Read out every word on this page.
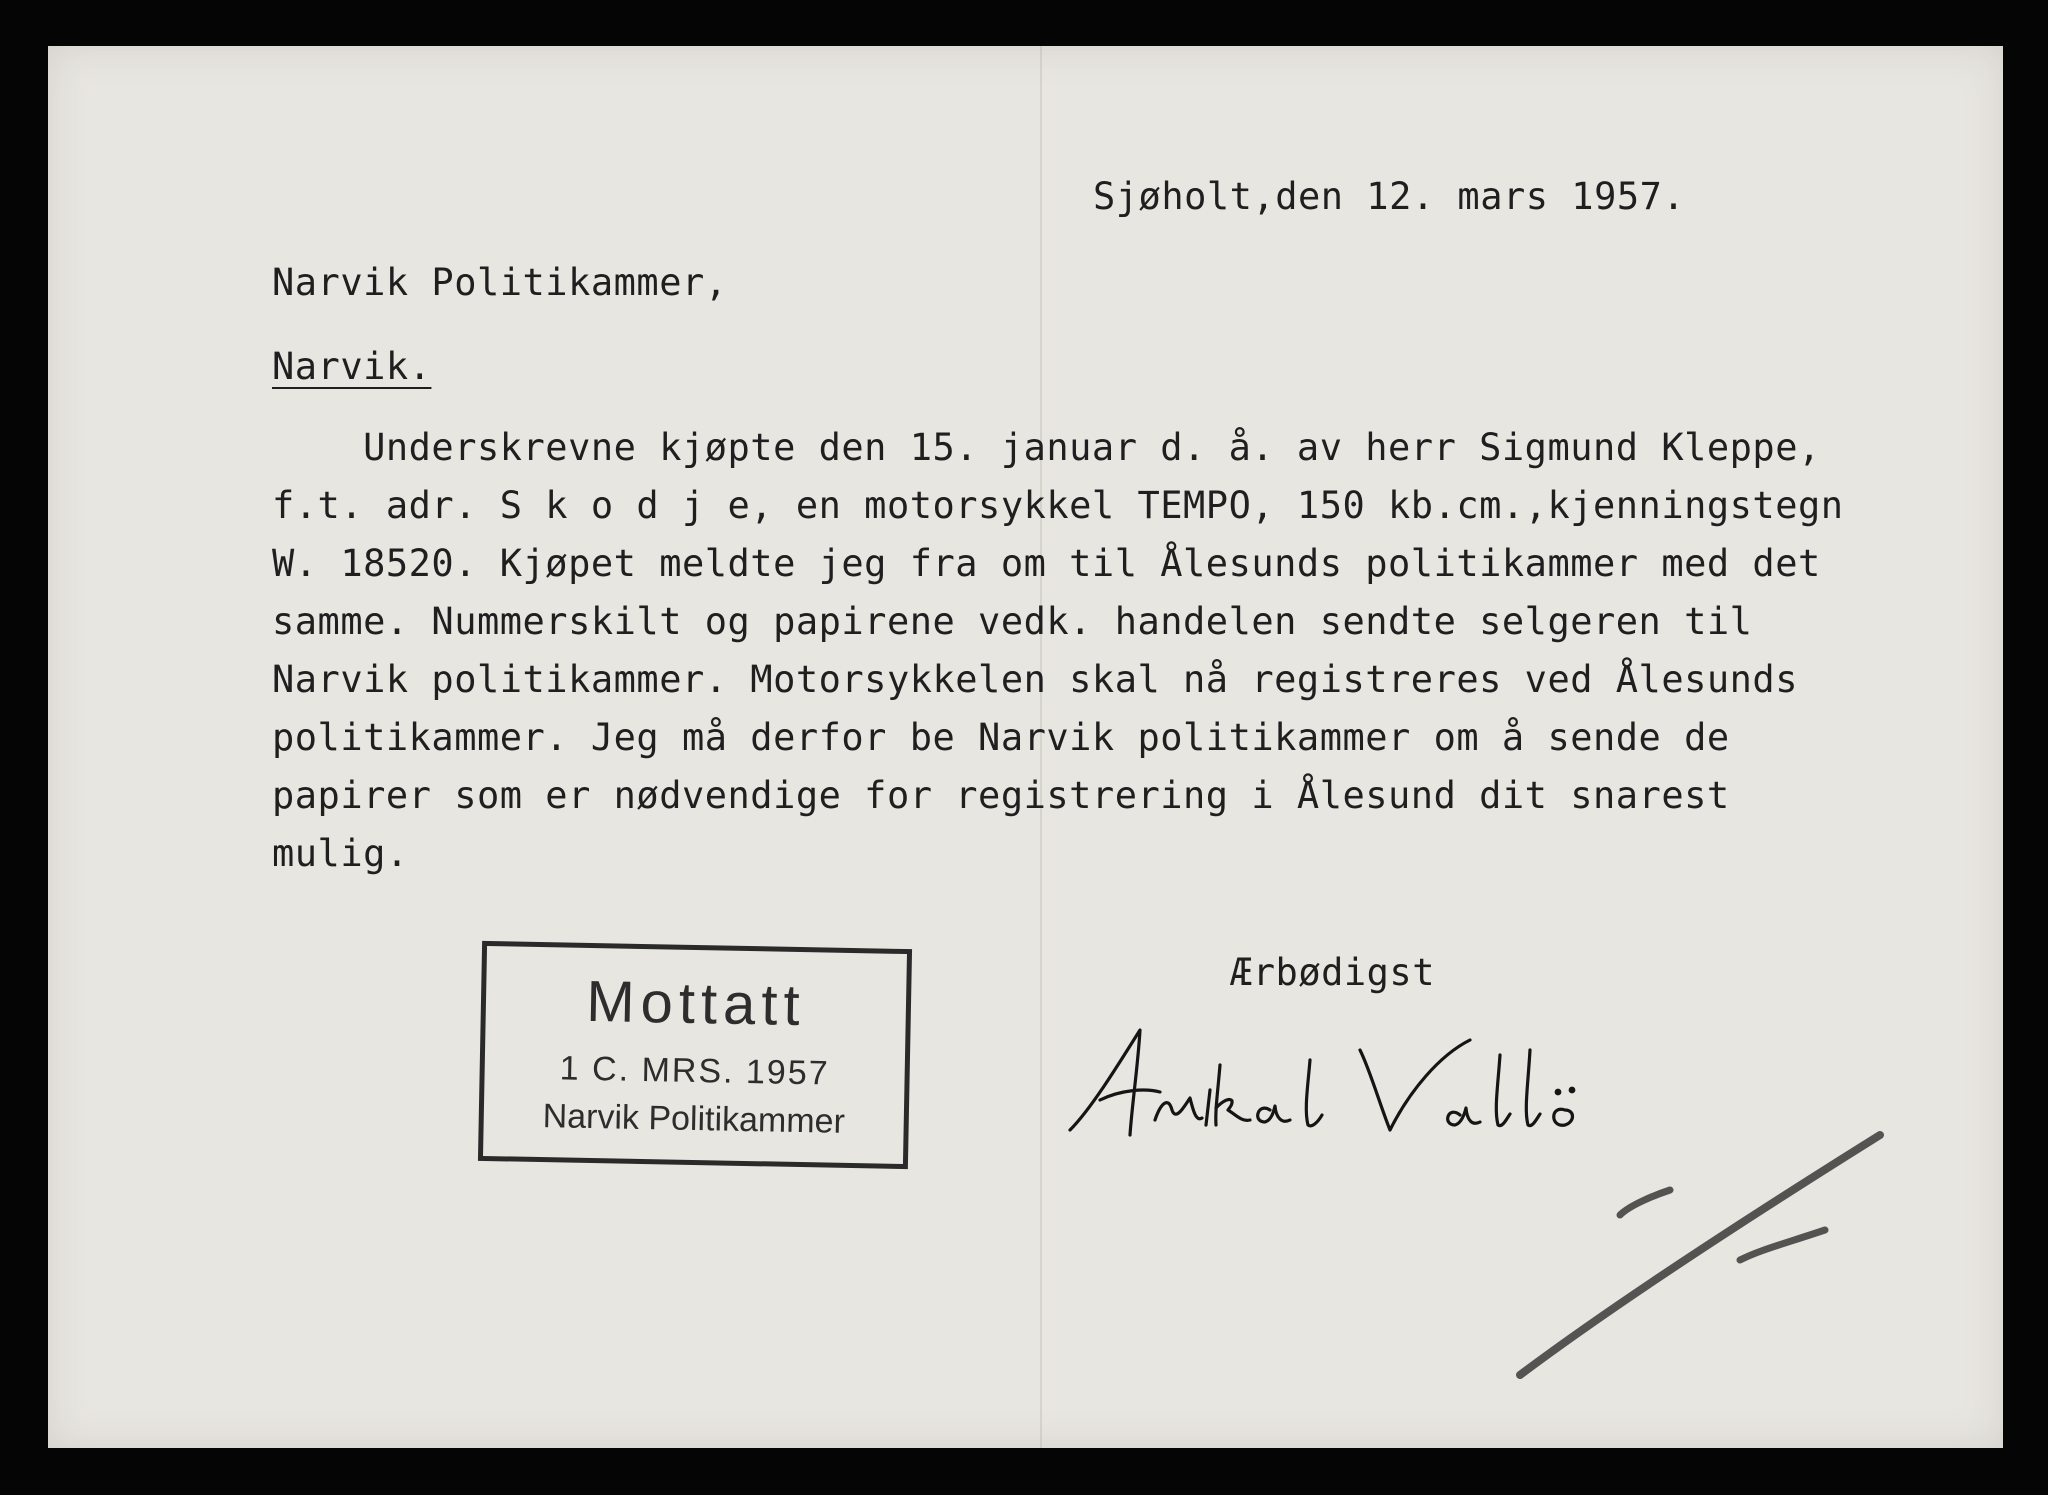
Sjøholt,den 12. mars 1957.

Narvik Politikammer,

Narvik.

Underskrevne kjøpte den 15. januar d. å. av herr Sigmund Kleppe,

f.t. adr. S k o d j e, en motorsykkel TEMPO, 150 kb.cm.,kjenningstegn

W. 18520. Kjøpet meldte jeg fra om til Ålesunds politikammer med det

samme. Nummerskilt og papirene vedk. handelen sendte selgeren til

Narvik politikammer. Motorsykkelen skal nå registreres ved Ålesunds

politikammer. Jeg må derfor be Narvik politikammer om å sende de

papirer som er nødvendige for registrering i Ålesund dit snarest

mulig.

Ærbødigst

Mottatt
1 C. MRS. 1957
Narvik Politikammer
